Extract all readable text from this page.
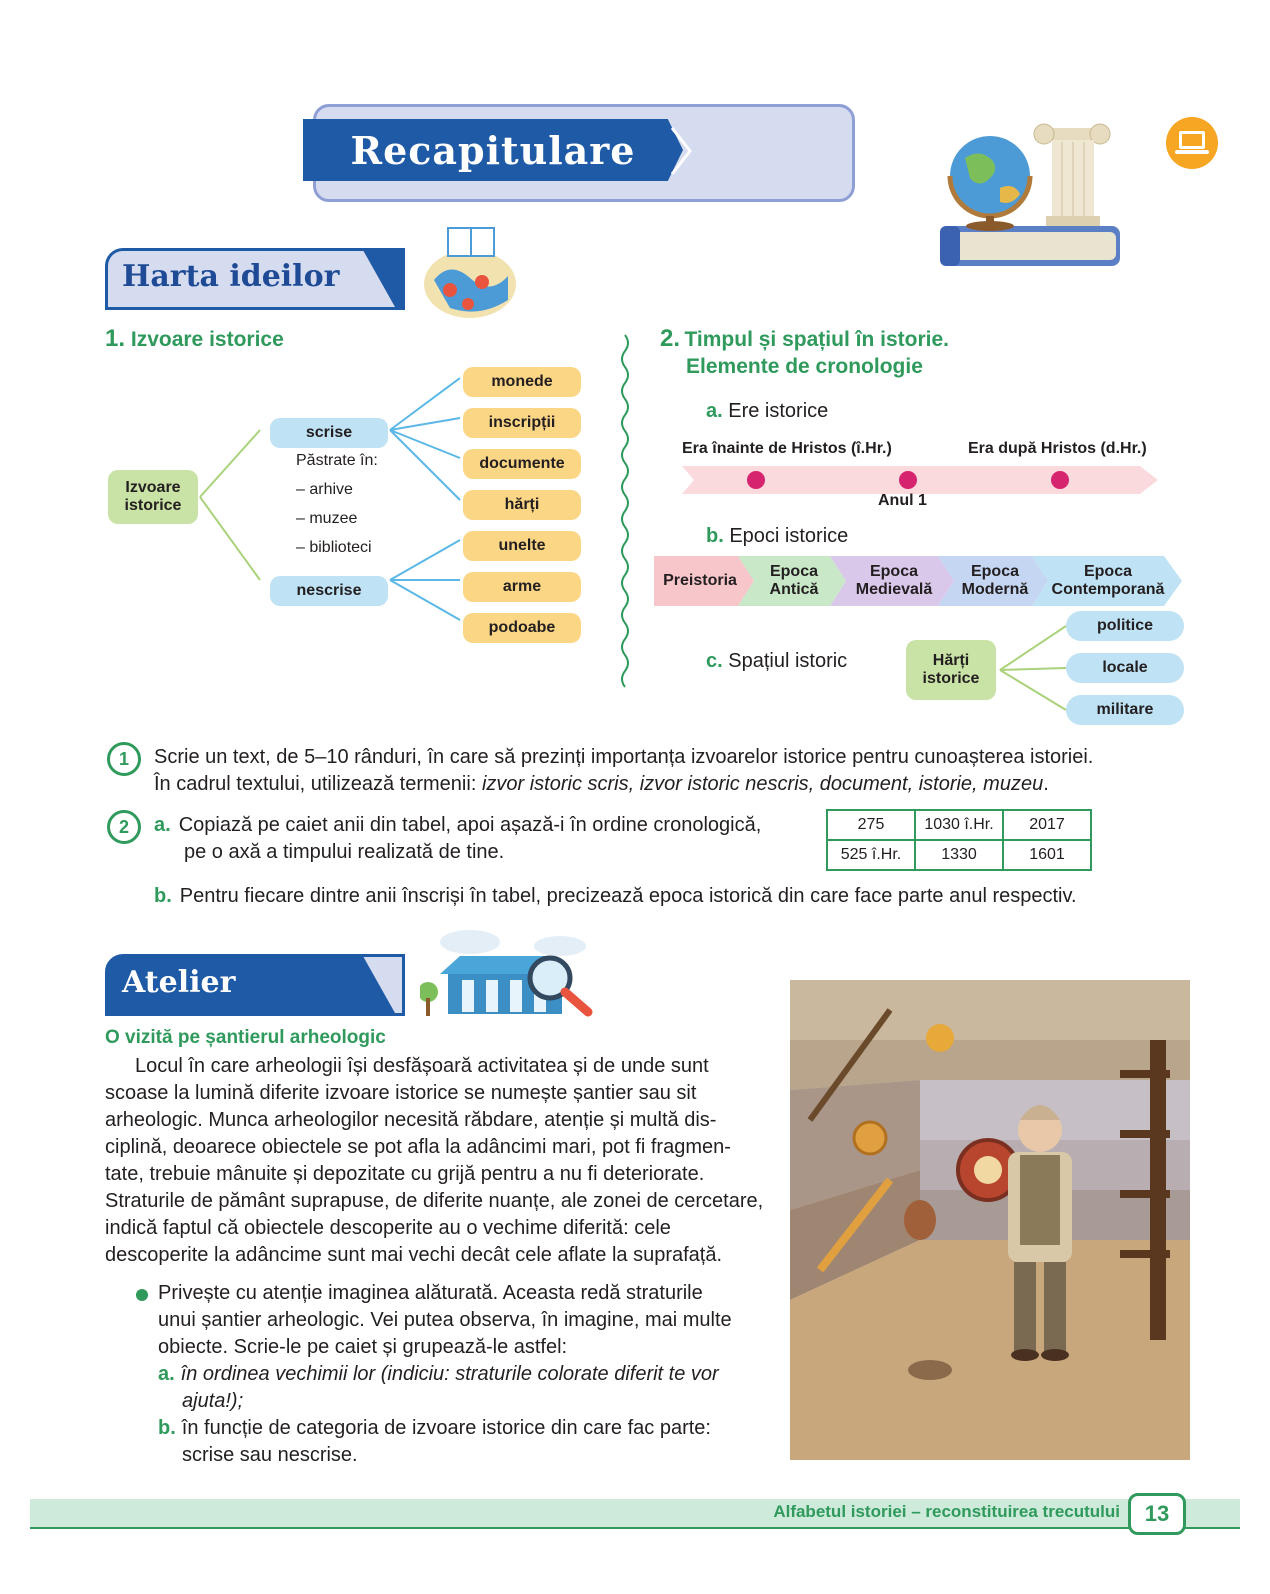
Recapitulare
Harta ideilor
1. Izvoare istorice
Izvoare istorice
scrise
Păstrate în:
– arhive
– muzee
– biblioteci
nescrise
monede
inscripții
documente
hărți
unelte
arme
podoabe
2. Timpul și spațiul în istorie.
Elemente de cronologie
a. Ere istorice
Era înainte de Hristos (î.Hr.)	Era după Hristos (d.Hr.)
Anul 1
b. Epoci istorice
Preistoria
Epoca Antică
Epoca Medievală
Epoca Modernă
Epoca Contemporană
c. Spațiul istoric	Hărți istorice
politice
locale
militare
1	Scrie un text, de 5–10 rânduri, în care să prezinți importanța izvoarelor istorice pentru cunoașterea istoriei.
În cadrul textului, utilizează termenii: izvor istoric scris, izvor istoric nescris, document, istorie, muzeu.
2	a. Copiază pe caiet anii din tabel, apoi așază-i în ordine cronologică,
pe o axă a timpului realizată de tine.
275	1030 î.Hr.	2017
525 î.Hr.	1330	1601
b. Pentru fiecare dintre anii înscriși în tabel, precizează epoca istorică din care face parte anul respectiv.
Atelier
O vizită pe șantierul arheologic
Locul în care arheologii își desfășoară activitatea și de unde sunt
scoase la lumină diferite izvoare istorice se numește șantier sau sit
arheologic. Munca arheologilor necesită răbdare, atenție și multă dis-
ciplină, deoarece obiectele se pot afla la adâncimi mari, pot fi fragmen-
tate, trebuie mânuite și depozitate cu grijă pentru a nu fi deteriorate.
Straturile de pământ suprapuse, de diferite nuanțe, ale zonei de cercetare,
indică faptul că obiectele descoperite au o vechime diferită: cele
descoperite la adâncime sunt mai vechi decât cele aflate la suprafață.
Privește cu atenție imaginea alăturată. Aceasta redă straturile
unui șantier arheologic. Vei putea observa, în imagine, mai multe
obiecte. Scrie-le pe caiet și grupează-le astfel:
a. în ordinea vechimii lor (indiciu: straturile colorate diferit te vor
ajuta!);
b. în funcție de categoria de izvoare istorice din care fac parte:
scrise sau nescrise.
Alfabetul istoriei – reconstituirea trecutului	13
